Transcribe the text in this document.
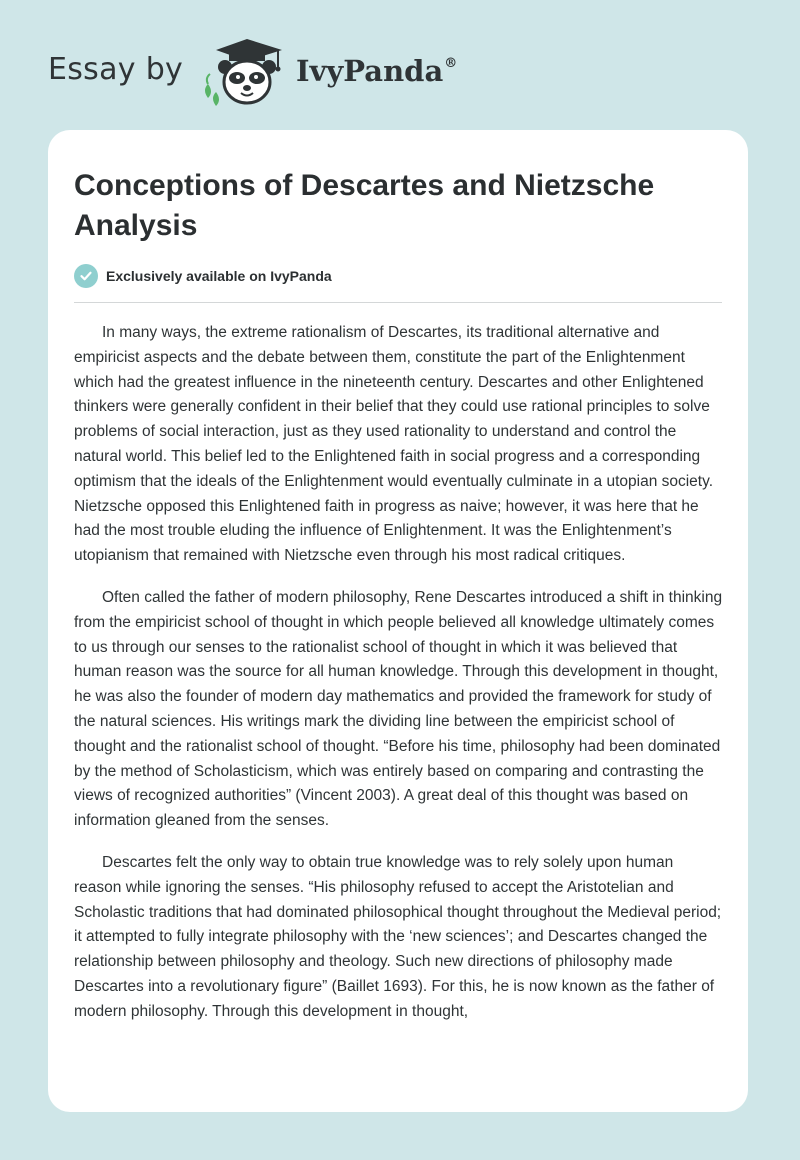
Essay by	IvyPanda®
Conceptions of Descartes and Nietzsche Analysis
Exclusively available on IvyPanda

In many ways, the extreme rationalism of Descartes, its traditional alternative and empiricist aspects and the debate between them, constitute the part of the Enlightenment which had the greatest influence in the nineteenth century. Descartes and other Enlightened thinkers were generally confident in their belief that they could use rational principles to solve problems of social interaction, just as they used rationality to understand and control the natural world. This belief led to the Enlightened faith in social progress and a corresponding optimism that the ideals of the Enlightenment would eventually culminate in a utopian society. Nietzsche opposed this Enlightened faith in progress as naive; however, it was here that he had the most trouble eluding the influence of Enlightenment. It was the Enlightenment’s utopianism that remained with Nietzsche even through his most radical critiques.

Often called the father of modern philosophy, Rene Descartes introduced a shift in thinking from the empiricist school of thought in which people believed all knowledge ultimately comes to us through our senses to the rationalist school of thought in which it was believed that human reason was the source for all human knowledge. Through this development in thought, he was also the founder of modern day mathematics and provided the framework for study of the natural sciences. His writings mark the dividing line between the empiricist school of thought and the rationalist school of thought. “Before his time, philosophy had been dominated by the method of Scholasticism, which was entirely based on comparing and contrasting the views of recognized authorities” (Vincent 2003). A great deal of this thought was based on information gleaned from the senses.

Descartes felt the only way to obtain true knowledge was to rely solely upon human reason while ignoring the senses. “His philosophy refused to accept the Aristotelian and Scholastic traditions that had dominated philosophical thought throughout the Medieval period; it attempted to fully integrate philosophy with the ‘new sciences’; and Descartes changed the relationship between philosophy and theology. Such new directions of philosophy made Descartes into a revolutionary figure” (Baillet 1693). For this, he is now known as the father of modern philosophy. Through this development in thought,
